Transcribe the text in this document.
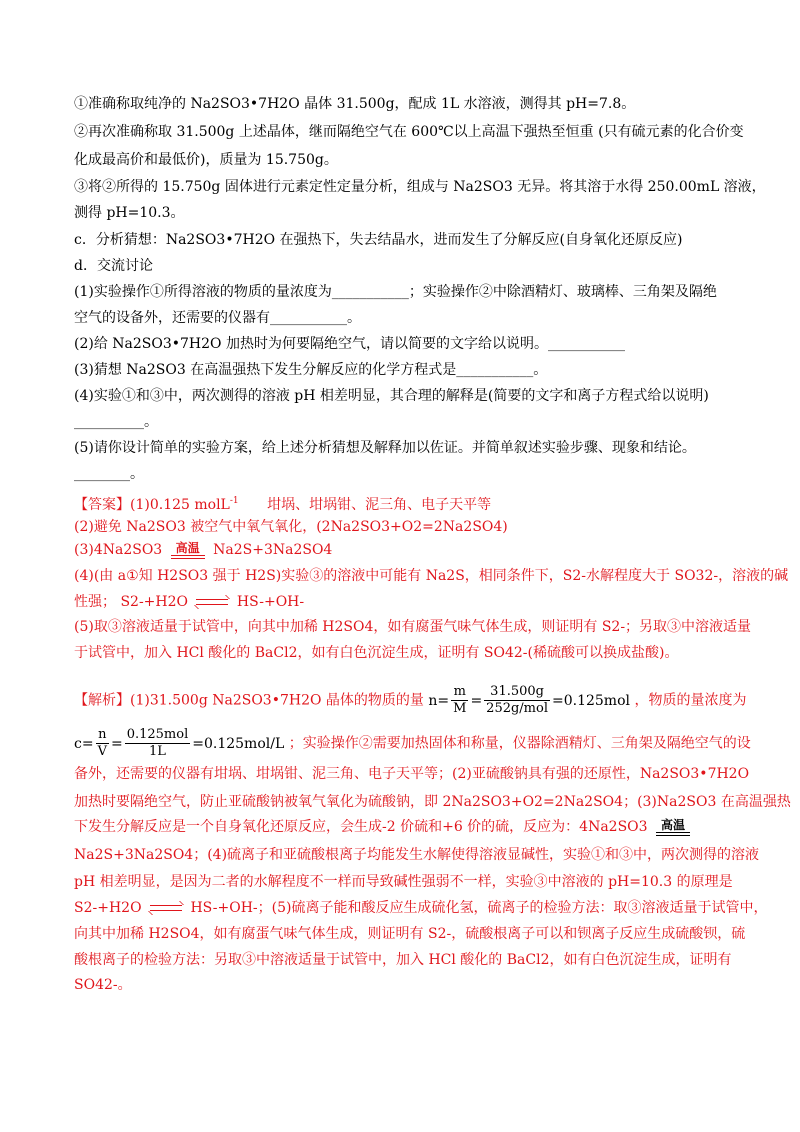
①准确称取纯净的 Na2SO3•7H2O 晶体 31.500g，配成 1L 水溶液，测得其 pH=7.8。
②再次准确称取 31.500g 上述晶体，继而隔绝空气在 600℃以上高温下强热至恒重 (只有硫元素的化合价变
化成最高价和最低价)，质量为 15.750g。
③将②所得的 15.750g 固体进行元素定性定量分析，组成与 Na2SO3 无异。将其溶于水得 250.00mL 溶液，
测得 pH=10.3。
c．分析猜想：Na2SO3•7H2O 在强热下，失去结晶水，进而发生了分解反应(自身氧化还原反应)
d．交流讨论
(1)实验操作①所得溶液的物质的量浓度为___________；实验操作②中除酒精灯、玻璃棒、三角架及隔绝
空气的设备外，还需要的仪器有___________。
(2)给 Na2SO3•7H2O 加热时为何要隔绝空气，请以简要的文字给以说明。___________
(3)猜想 Na2SO3 在高温强热下发生分解反应的化学方程式是___________。
(4)实验①和③中，两次测得的溶液 pH 相差明显，其合理的解释是(简要的文字和离子方程式给以说明)
__________。
(5)请你设计简单的实验方案，给上述分析猜想及解释加以佐证。并简单叙述实验步骤、现象和结论。
________。
【答案】(1)0.125 molL$^{-1}$ 坩埚、坩埚钳、泥三角、电子天平等
(2)避免 Na2SO3 被空气中氧气氧化，(2Na2SO3+O2=2Na2SO4)
(3)4Na2SO3	高温 Na2S+3Na2SO4
(4)(由 a①知 H2SO3 强于 H2S)实验③的溶液中可能有 Na2S，相同条件下，S2-水解程度大于 SO32-，溶液的碱
性强； S2-+H2O	HS-+OH-
(5)取③溶液适量于试管中，向其中加稀 H2SO4，如有腐蛋气味气体生成，则证明有 S2-；另取③中溶液适量
于试管中，加入 HCl 酸化的 BaCl2，如有白色沉淀生成，证明有 SO42-(稀硫酸可以换成盐酸)。
【解析】(1)31.500g Na2SO3•7H2O 晶体的物质的量 $n= \frac{m}{M} = \frac{31.500g}{\text{252g/mol}} =0.125mol$ ，物质的量浓度为
$c= \frac{n}{V} = \frac{\text{0.125mol}}{1L} =0.125mol/L$ ；实验操作②需要加热固体和称量，仪器除酒精灯、三角架及隔绝空气的设
备外，还需要的仪器有坩埚、坩埚钳、泥三角、电子天平等；(2)亚硫酸钠具有强的还原性，Na2SO3•7H2O
加热时要隔绝空气，防止亚硫酸钠被氧气氧化为硫酸钠，即 2Na2SO3+O2=2Na2SO4；(3)Na2SO3 在高温强热
下发生分解反应是一个自身氧化还原反应，会生成-2 价硫和+6 价的硫，反应为：4Na2SO3	高温
Na2S+3Na2SO4；(4)硫离子和亚硫酸根离子均能发生水解使得溶液显碱性，实验①和③中，两次测得的溶液
pH 相差明显，是因为二者的水解程度不一样而导致碱性强弱不一样，实验③中溶液的 pH=10.3 的原理是
S2-+H2O	HS-+OH-；(5)硫离子能和酸反应生成硫化氢，硫离子的检验方法：取③溶液适量于试管中，
向其中加稀 H2SO4，如有腐蛋气味气体生成，则证明有 S2-，硫酸根离子可以和钡离子反应生成硫酸钡，硫
酸根离子的检验方法：另取③中溶液适量于试管中，加入 HCl 酸化的 BaCl2，如有白色沉淀生成，证明有
SO42-。
